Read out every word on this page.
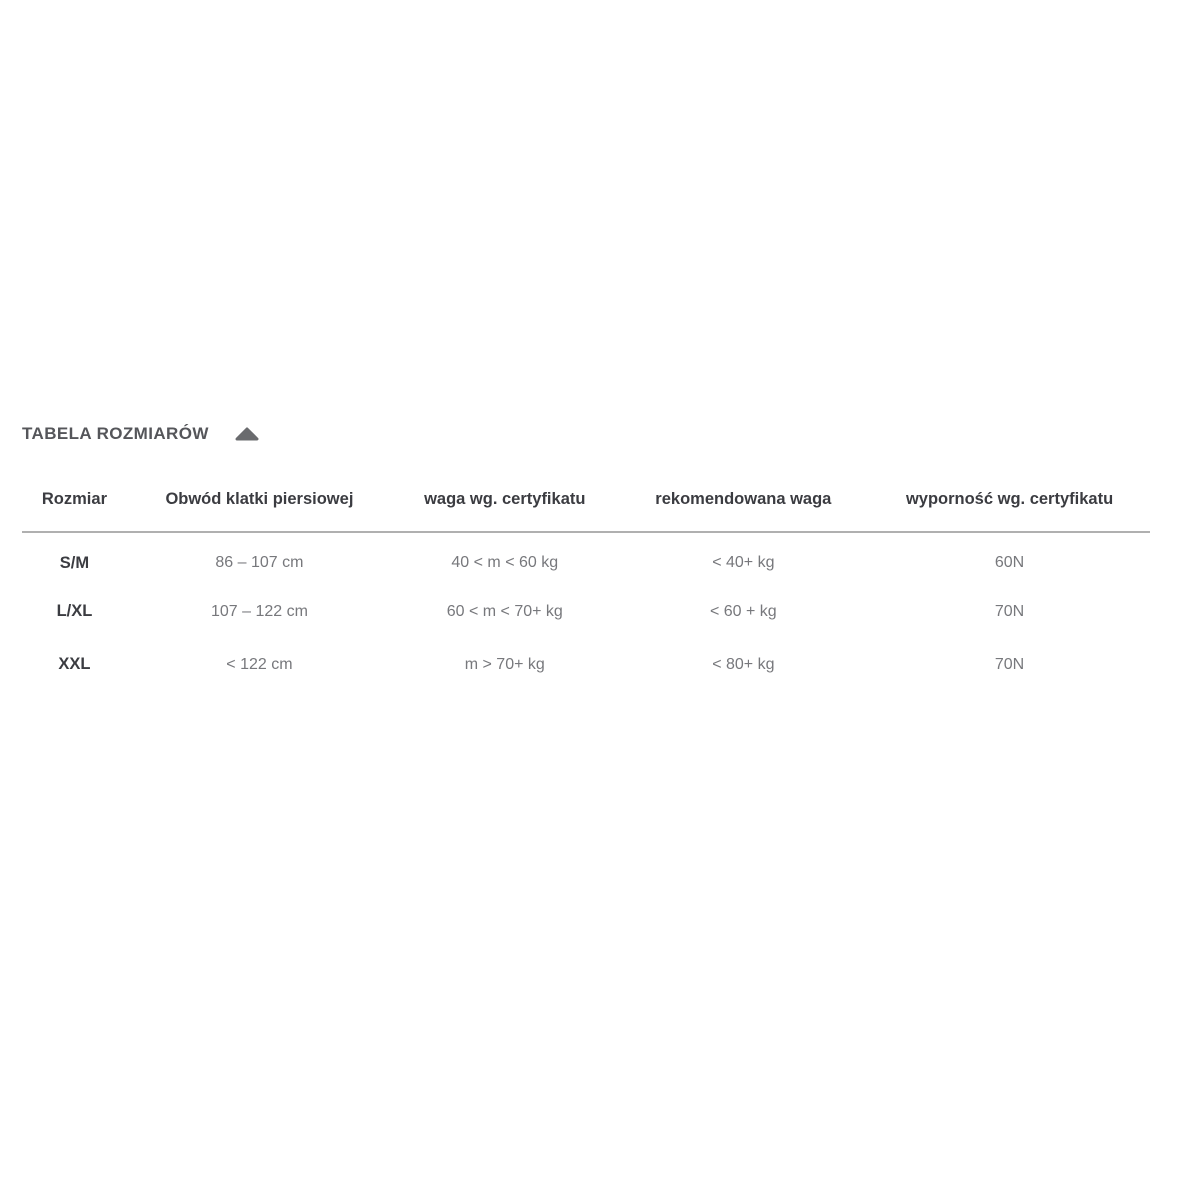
TABELA ROZMIARÓW
Rozmiar	Obwód klatki piersiowej	waga wg. certyfikatu	rekomendowana waga	wyporność wg. certyfikatu
S/M	86 – 107 cm	40 < m < 60 kg	< 40+ kg	60N
L/XL	107 – 122 cm	60 < m < 70+ kg	< 60 + kg	70N
XXL	< 122 cm	m > 70+ kg	< 80+ kg	70N
